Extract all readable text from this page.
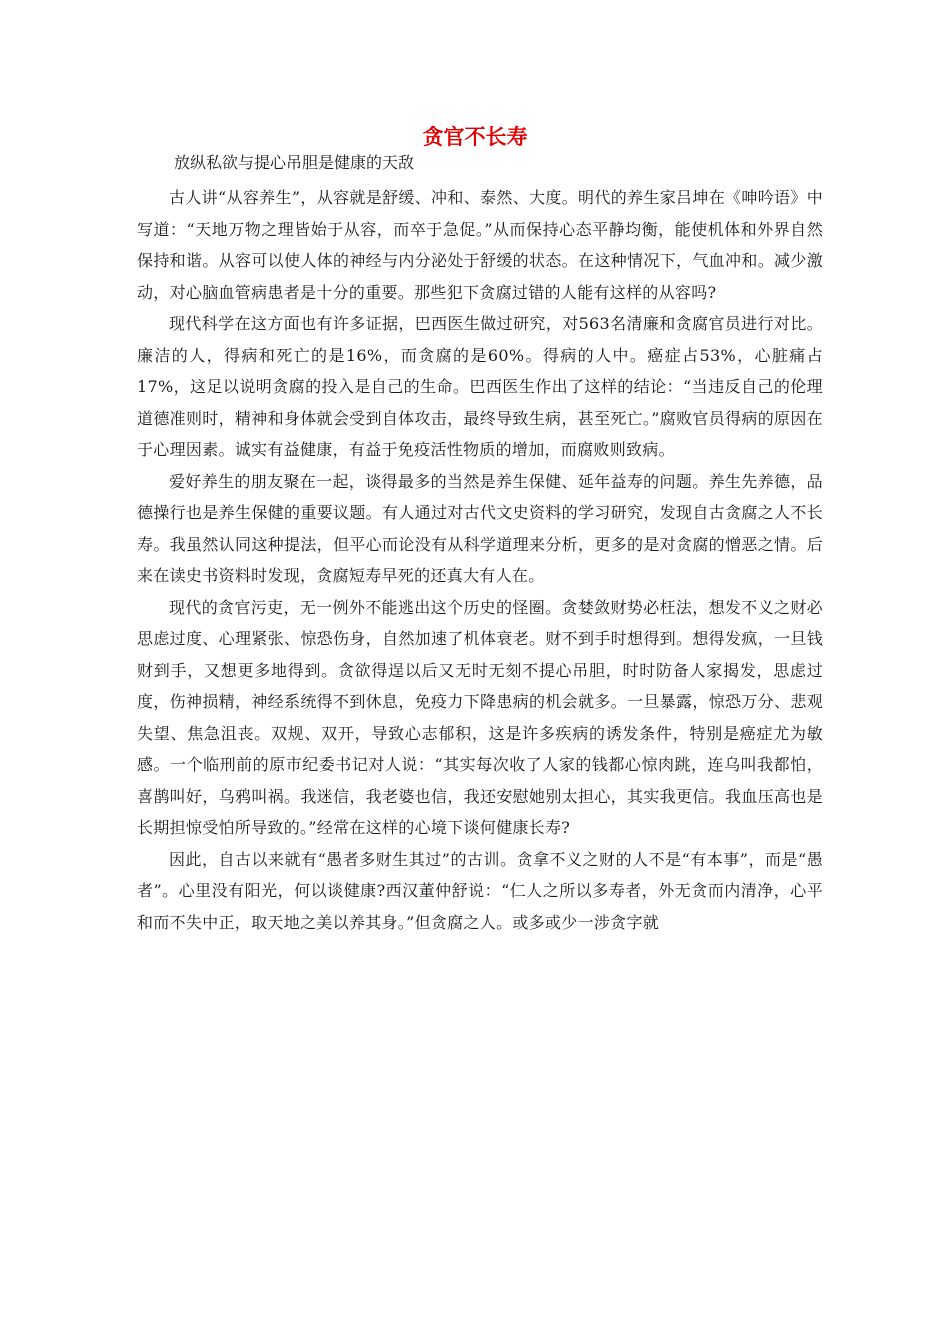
贪官不长寿

放纵私欲与提心吊胆是健康的天敌

古人讲“从容养生”，从容就是舒缓、冲和、泰然、大度。明代的养生家吕坤在《呻吟语》中写道：“天地万物之理皆始于从容，而卒于急促。”从而保持心态平静均衡，能使机体和外界自然保持和谐。从容可以使人体的神经与内分泌处于舒缓的状态。在这种情况下，气血冲和。减少激动，对心脑血管病患者是十分的重要。那些犯下贪腐过错的人能有这样的从容吗?

现代科学在这方面也有许多证据，巴西医生做过研究，对563名清廉和贪腐官员进行对比。廉洁的人，得病和死亡的是16%，而贪腐的是60%。得病的人中。癌症占53%，心脏痛占17%，这足以说明贪腐的投入是自己的生命。巴西医生作出了这样的结论：“当违反自己的伦理道德准则时，精神和身体就会受到自体攻击，最终导致生病，甚至死亡。”腐败官员得病的原因在于心理因素。诚实有益健康，有益于免疫活性物质的增加，而腐败则致病。

爱好养生的朋友聚在一起，谈得最多的当然是养生保健、延年益寿的问题。养生先养德，品德操行也是养生保健的重要议题。有人通过对古代文史资料的学习研究，发现自古贪腐之人不长寿。我虽然认同这种提法，但平心而论没有从科学道理来分析，更多的是对贪腐的憎恶之情。后来在读史书资料时发现，贪腐短寿早死的还真大有人在。

现代的贪官污吏，无一例外不能逃出这个历史的怪圈。贪婪敛财势必枉法，想发不义之财必思虑过度、心理紧张、惊恐伤身，自然加速了机体衰老。财不到手时想得到。想得发疯，一旦钱财到手，又想更多地得到。贪欲得逞以后又无时无刻不提心吊胆，时时防备人家揭发，思虑过度，伤神损精，神经系统得不到休息，免疫力下降患病的机会就多。一旦暴露，惊恐万分、悲观失望、焦急沮丧。双规、双开，导致心志郁积，这是许多疾病的诱发条件，特别是癌症尤为敏感。一个临刑前的原市纪委书记对人说：“其实每次收了人家的钱都心惊肉跳，连乌叫我都怕，喜鹊叫好，乌鸦叫祸。我迷信，我老婆也信，我还安慰她别太担心，其实我更信。我血压高也是长期担惊受怕所导致的。”经常在这样的心境下谈何健康长寿?

因此，自古以来就有“愚者多财生其过”的古训。贪拿不义之财的人不是“有本事”，而是“愚者”。心里没有阳光，何以谈健康?西汉董仲舒说：“仁人之所以多寿者，外无贪而内清净，心平和而不失中正，取天地之美以养其身。”但贪腐之人。或多或少一涉贪字就
